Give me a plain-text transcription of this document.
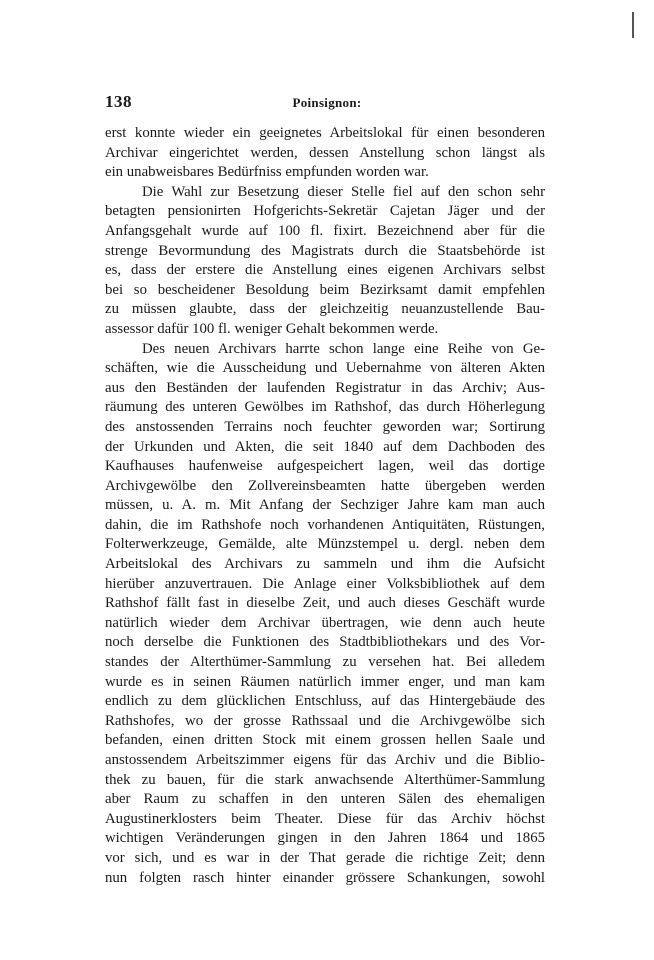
138	Poinsignon:
erst konnte wieder ein geeignetes Arbeitslokal für einen besonderen
Archivar eingerichtet werden, dessen Anstellung schon längst als
ein unabweisbares Bedürfniss empfunden worden war.
Die Wahl zur Besetzung dieser Stelle fiel auf den schon sehr
betagten pensionirten Hofgerichts-Sekretär Cajetan Jäger und der
Anfangsgehalt wurde auf 100 fl. fixirt. Bezeichnend aber für die
strenge Bevormundung des Magistrats durch die Staatsbehörde ist
es, dass der erstere die Anstellung eines eigenen Archivars selbst
bei so bescheidener Besoldung beim Bezirksamt damit empfehlen
zu müssen glaubte, dass der gleichzeitig neuanzustellende Bau-
assessor dafür 100 fl. weniger Gehalt bekommen werde.
Des neuen Archivars harrte schon lange eine Reihe von Ge-
schäften, wie die Ausscheidung und Uebernahme von älteren Akten
aus den Beständen der laufenden Registratur in das Archiv; Aus-
räumung des unteren Gewölbes im Rathshof, das durch Höherlegung
des anstossenden Terrains noch feuchter geworden war; Sortirung
der Urkunden und Akten, die seit 1840 auf dem Dachboden des
Kaufhauses haufenweise aufgespeichert lagen, weil das dortige
Archivgewölbe den Zollvereinsbeamten hatte übergeben werden
müssen, u. A. m. Mit Anfang der Sechziger Jahre kam man auch
dahin, die im Rathshofe noch vorhandenen Antiquitäten, Rüstungen,
Folterwerkzeuge, Gemälde, alte Münzstempel u. dergl. neben dem
Arbeitslokal des Archivars zu sammeln und ihm die Aufsicht
hierüber anzuvertrauen. Die Anlage einer Volksbibliothek auf dem
Rathshof fällt fast in dieselbe Zeit, und auch dieses Geschäft wurde
natürlich wieder dem Archivar übertragen, wie denn auch heute
noch derselbe die Funktionen des Stadtbibliothekars und des Vor-
standes der Alterthümer-Sammlung zu versehen hat. Bei alledem
wurde es in seinen Räumen natürlich immer enger, und man kam
endlich zu dem glücklichen Entschluss, auf das Hintergebäude des
Rathshofes, wo der grosse Rathssaal und die Archivgewölbe sich
befanden, einen dritten Stock mit einem grossen hellen Saale und
anstossendem Arbeitszimmer eigens für das Archiv und die Biblio-
thek zu bauen, für die stark anwachsende Alterthümer-Sammlung
aber Raum zu schaffen in den unteren Sälen des ehemaligen
Augustinerklosters beim Theater. Diese für das Archiv höchst
wichtigen Veränderungen gingen in den Jahren 1864 und 1865
vor sich, und es war in der That gerade die richtige Zeit; denn
nun folgten rasch hinter einander grössere Schankungen, sowohl
